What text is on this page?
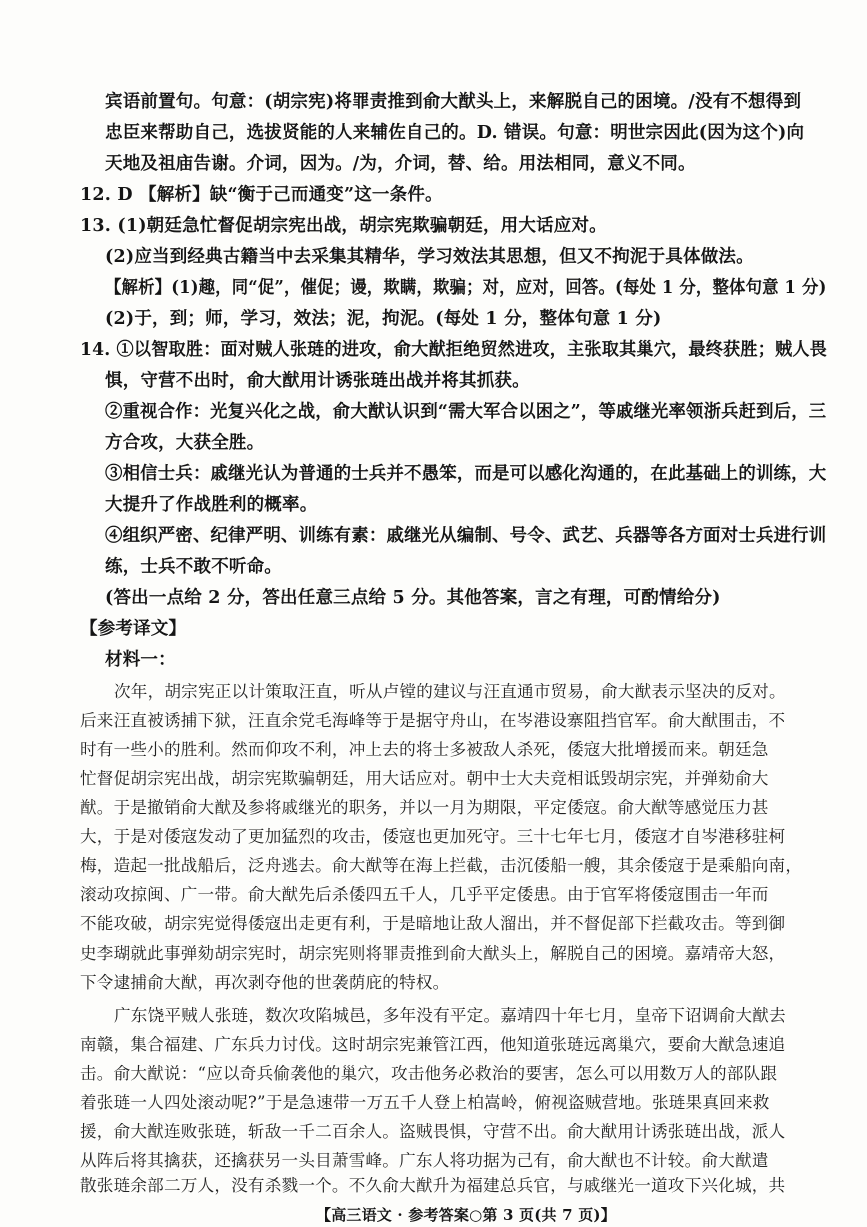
宾语前置句。句意：(胡宗宪)将罪责推到俞大猷头上，来解脱自己的困境。/没有不想得到
忠臣来帮助自己，选拔贤能的人来辅佐自己的。D. 错误。句意：明世宗因此(因为这个)向
天地及祖庙告谢。介词，因为。/为，介词，替、给。用法相同，意义不同。
12. D 【解析】缺“衡于己而通变”这一条件。
13. (1)朝廷急忙督促胡宗宪出战，胡宗宪欺骗朝廷，用大话应对。
(2)应当到经典古籍当中去采集其精华，学习效法其思想，但又不拘泥于具体做法。
【解析】(1)趣，同“促”，催促；谩，欺瞒，欺骗；对，应对，回答。(每处 1 分，整体句意 1 分)
(2)于，到；师，学习，效法；泥，拘泥。(每处 1 分，整体句意 1 分)
14. ①以智取胜：面对贼人张琏的进攻，俞大猷拒绝贸然进攻，主张取其巢穴，最终获胜；贼人畏
惧，守营不出时，俞大猷用计诱张琏出战并将其抓获。
②重视合作：光复兴化之战，俞大猷认识到“需大军合以困之”，等戚继光率领浙兵赶到后，三
方合攻，大获全胜。
③相信士兵：戚继光认为普通的士兵并不愚笨，而是可以感化沟通的，在此基础上的训练，大
大提升了作战胜利的概率。
④组织严密、纪律严明、训练有素：戚继光从编制、号令、武艺、兵器等各方面对士兵进行训
练，士兵不敢不听命。
(答出一点给 2 分，答出任意三点给 5 分。其他答案，言之有理，可酌情给分)
【参考译文】
材料一：
次年，胡宗宪正以计策取汪直，听从卢镗的建议与汪直通市贸易，俞大猷表示坚决的反对。
后来汪直被诱捕下狱，汪直余党毛海峰等于是据守舟山，在岑港设寨阻挡官军。俞大猷围击，不
时有一些小的胜利。然而仰攻不利，冲上去的将士多被敌人杀死，倭寇大批增援而来。朝廷急
忙督促胡宗宪出战，胡宗宪欺骗朝廷，用大话应对。朝中士大夫竞相诋毁胡宗宪，并弹劾俞大
猷。于是撤销俞大猷及参将戚继光的职务，并以一月为期限，平定倭寇。俞大猷等感觉压力甚
大，于是对倭寇发动了更加猛烈的攻击，倭寇也更加死守。三十七年七月，倭寇才自岑港移驻柯
梅，造起一批战船后，泛舟逃去。俞大猷等在海上拦截，击沉倭船一艘，其余倭寇于是乘船向南，
滚动攻掠闽、广一带。俞大猷先后杀倭四五千人，几乎平定倭患。由于官军将倭寇围击一年而
不能攻破，胡宗宪觉得倭寇出走更有利，于是暗地让敌人溜出，并不督促部下拦截攻击。等到御
史李瑚就此事弹劾胡宗宪时，胡宗宪则将罪责推到俞大猷头上，解脱自己的困境。嘉靖帝大怒，
下令逮捕俞大猷，再次剥夺他的世袭荫庇的特权。
广东饶平贼人张琏，数次攻陷城邑，多年没有平定。嘉靖四十年七月，皇帝下诏调俞大猷去
南赣，集合福建、广东兵力讨伐。这时胡宗宪兼管江西，他知道张琏远离巢穴，要俞大猷急速追
击。俞大猷说：“应以奇兵偷袭他的巢穴，攻击他务必救治的要害，怎么可以用数万人的部队跟
着张琏一人四处滚动呢?”于是急速带一万五千人登上柏嵩岭，俯视盗贼营地。张琏果真回来救
援，俞大猷连败张琏，斩敌一千二百余人。盗贼畏惧，守营不出。俞大猷用计诱张琏出战，派人
从阵后将其擒获，还擒获另一头目萧雪峰。广东人将功据为己有，俞大猷也不计较。俞大猷遣
散张琏余部二万人，没有杀戮一个。不久俞大猷升为福建总兵官，与戚继光一道攻下兴化城，共
【高三语文 · 参考答案○第 3 页(共 7 页)】
